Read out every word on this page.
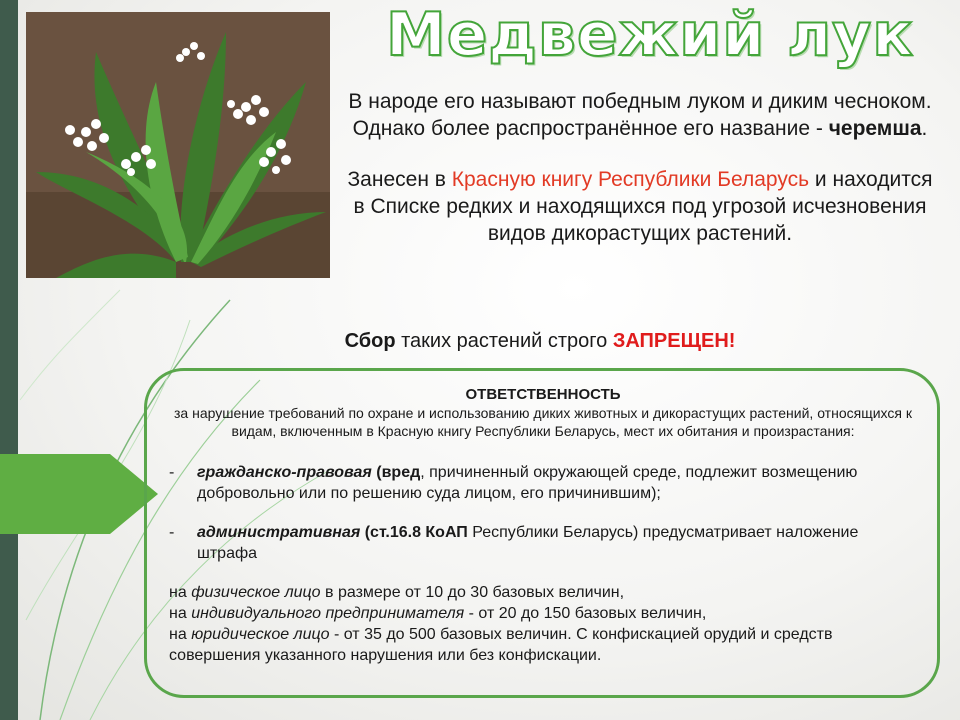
Медвежий лук

В народе его называют победным луком и диким чесноком. Однако более распространённое его название - черемша.

Занесен в Красную книгу Республики Беларусь и находится в Списке редких и находящихся под угрозой исчезновения видов дикорастущих растений.

Сбор таких растений строго ЗАПРЕЩЕН!
ОТВЕТСТВЕННОСТЬ
за нарушение требований по охране и использованию диких животных и дикорастущих растений, относящихся к видам, включенным в Красную книгу Республики Беларусь, мест их обитания и произрастания:
- гражданско-правовая (вред, причиненный окружающей среде, подлежит возмещению добровольно или по решению суда лицом, его причинившим);
- административная (ст.16.8 КоАП Республики Беларусь) предусматривает наложение штрафа
на физическое лицо в размере от 10 до 30 базовых величин,
на индивидуального предпринимателя - от 20 до 150 базовых величин,
на юридическое лицо - от 35 до 500 базовых величин. С конфискацией орудий и средств совершения указанного нарушения или без конфискации.
